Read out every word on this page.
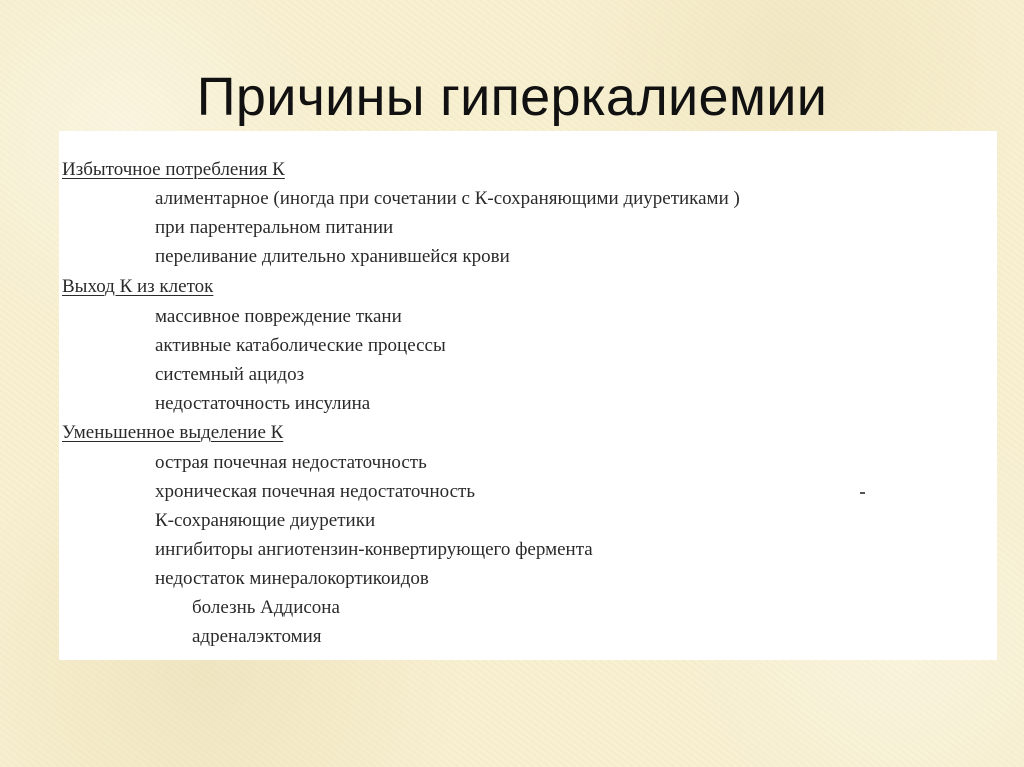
Причины гиперкалиемии
Избыточное потребления К
алиментарное (иногда при сочетании с К-сохраняющими диуретиками )
при парентеральном питании
переливание длительно хранившейся крови
Выход К из клеток
массивное повреждение ткани
активные катаболические процессы
системный ацидоз
недостаточность инсулина
Уменьшенное выделение К
острая почечная недостаточность
хроническая почечная недостаточность
К-сохраняющие диуретики
ингибиторы ангиотензин-конвертирующего фермента
недостаток минералокортикоидов
болезнь Аддисона
адреналэктомия
